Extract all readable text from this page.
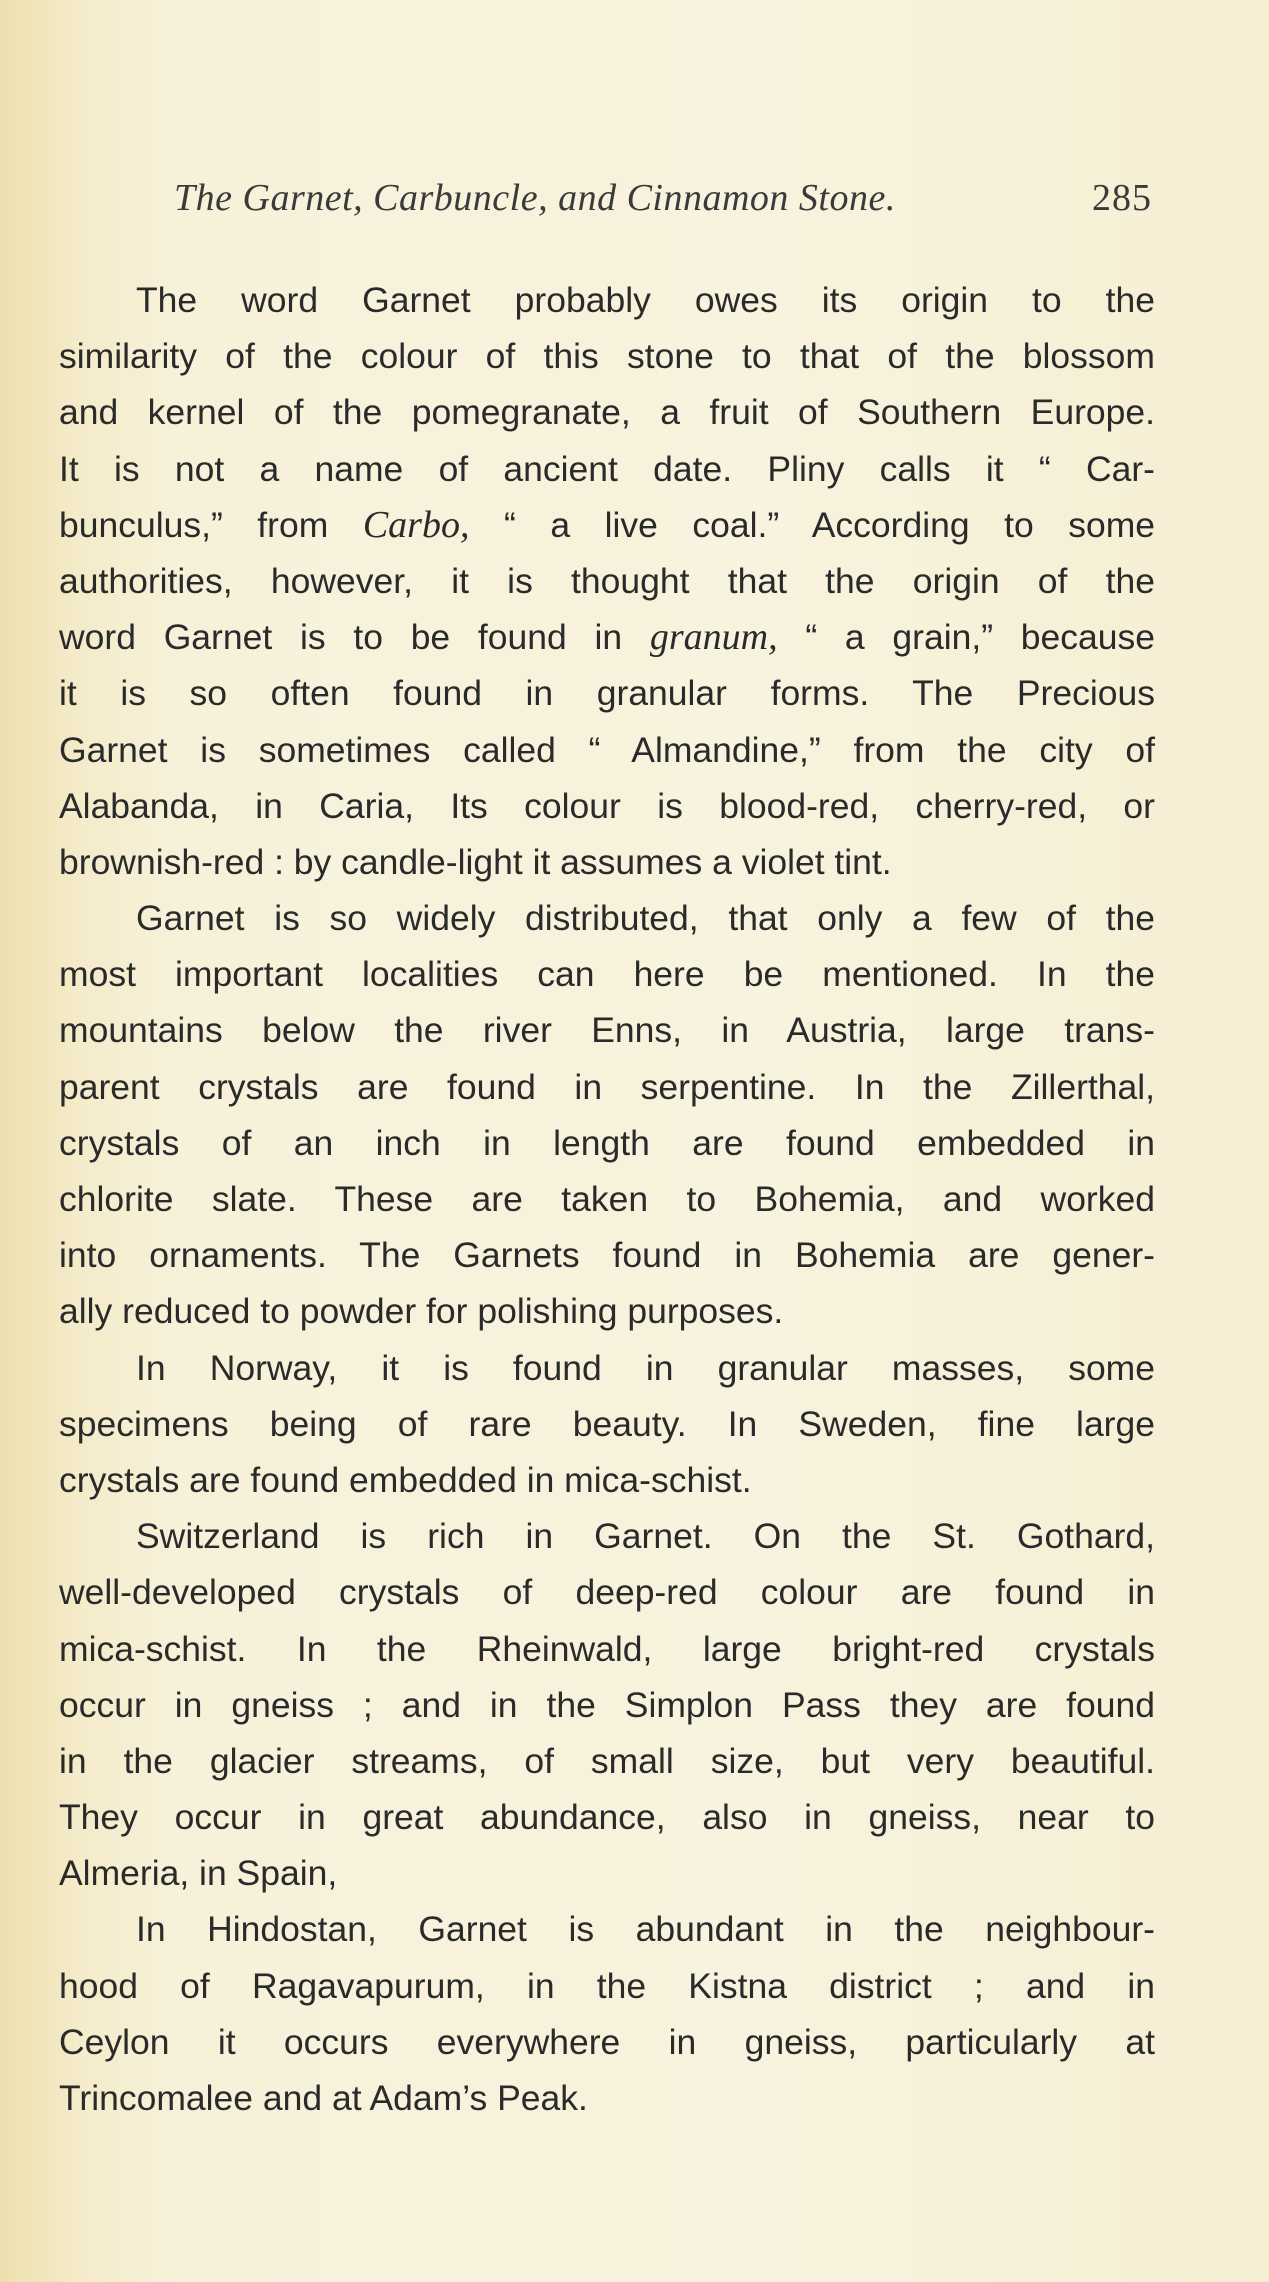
The Garnet, Carbuncle, and Cinnamon Stone.	285
The word Garnet probably owes its origin to the
similarity of the colour of this stone to that of the blossom
and kernel of the pomegranate, a fruit of Southern Europe.
It is not a name of ancient date. Pliny calls it “ Car-
bunculus,” from Carbo, “ a live coal.” According to some
authorities, however, it is thought that the origin of the
word Garnet is to be found in granum, “ a grain,” because
it is so often found in granular forms. The Precious
Garnet is sometimes called “ Almandine,” from the city of
Alabanda, in Caria, Its colour is blood-red, cherry-red, or
brownish-red : by candle-light it assumes a violet tint.
Garnet is so widely distributed, that only a few of the
most important localities can here be mentioned. In the
mountains below the river Enns, in Austria, large trans-
parent crystals are found in serpentine. In the Zillerthal,
crystals of an inch in length are found embedded in
chlorite slate. These are taken to Bohemia, and worked
into ornaments. The Garnets found in Bohemia are gener-
ally reduced to powder for polishing purposes.
In Norway, it is found in granular masses, some
specimens being of rare beauty. In Sweden, fine large
crystals are found embedded in mica-schist.
Switzerland is rich in Garnet. On the St. Gothard,
well-developed crystals of deep-red colour are found in
mica-schist. In the Rheinwald, large bright-red crystals
occur in gneiss ; and in the Simplon Pass they are found
in the glacier streams, of small size, but very beautiful.
They occur in great abundance, also in gneiss, near to
Almeria, in Spain,
In Hindostan, Garnet is abundant in the neighbour-
hood of Ragavapurum, in the Kistna district ; and in
Ceylon it occurs everywhere in gneiss, particularly at
Trincomalee and at Adam’s Peak.
